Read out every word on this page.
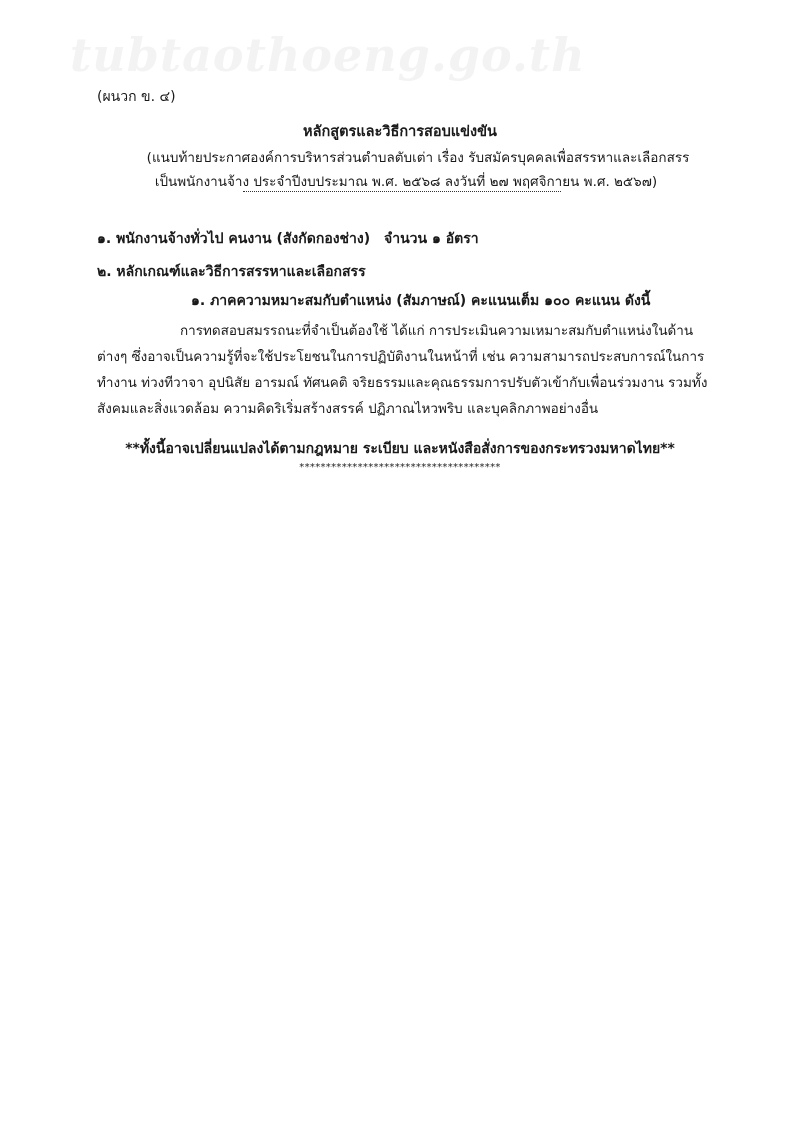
tubtaothoeng.go.th
(ผนวก ข. ๔)
หลักสูตรและวิธีการสอบแข่งขัน
(แนบท้ายประกาศองค์การบริหารส่วนตำบลตับเต่า เรื่อง รับสมัครบุคคลเพื่อสรรหาและเลือกสรร
เป็นพนักงานจ้าง ประจำปีงบประมาณ พ.ศ. ๒๕๖๘ ลงวันที่ ๒๗ พฤศจิกายน พ.ศ. ๒๕๖๗)
๑. พนักงานจ้างทั่วไป คนงาน (สังกัดกองช่าง) จำนวน ๑ อัตรา
๒. หลักเกณฑ์และวิธีการสรรหาและเลือกสรร
๑. ภาคความหมาะสมกับตำแหน่ง (สัมภาษณ์) คะแนนเต็ม ๑๐๐ คะแนน ดังนี้
การทดสอบสมรรถนะที่จำเป็นต้องใช้ ได้แก่ การประเมินความเหมาะสมกับตำแหน่งในด้าน
ต่างๆ ซึ่งอาจเป็นความรู้ที่จะใช้ประโยชนในการปฏิบัติงานในหน้าที่ เช่น ความสามารถประสบการณ์ในการ
ทำงาน ท่วงทีวาจา อุปนิสัย อารมณ์ ทัศนคติ จริยธรรมและคุณธรรมการปรับตัวเข้ากับเพื่อนร่วมงาน รวมทั้ง
สังคมและสิ่งแวดล้อม ความคิดริเริ่มสร้างสรรค์ ปฏิภาณไหวพริบ และบุคลิกภาพอย่างอื่น
**ทั้งนี้อาจเปลี่ยนแปลงได้ตามกฎหมาย ระเบียบ และหนังสือสั่งการของกระทรวงมหาดไทย**
**************************************
